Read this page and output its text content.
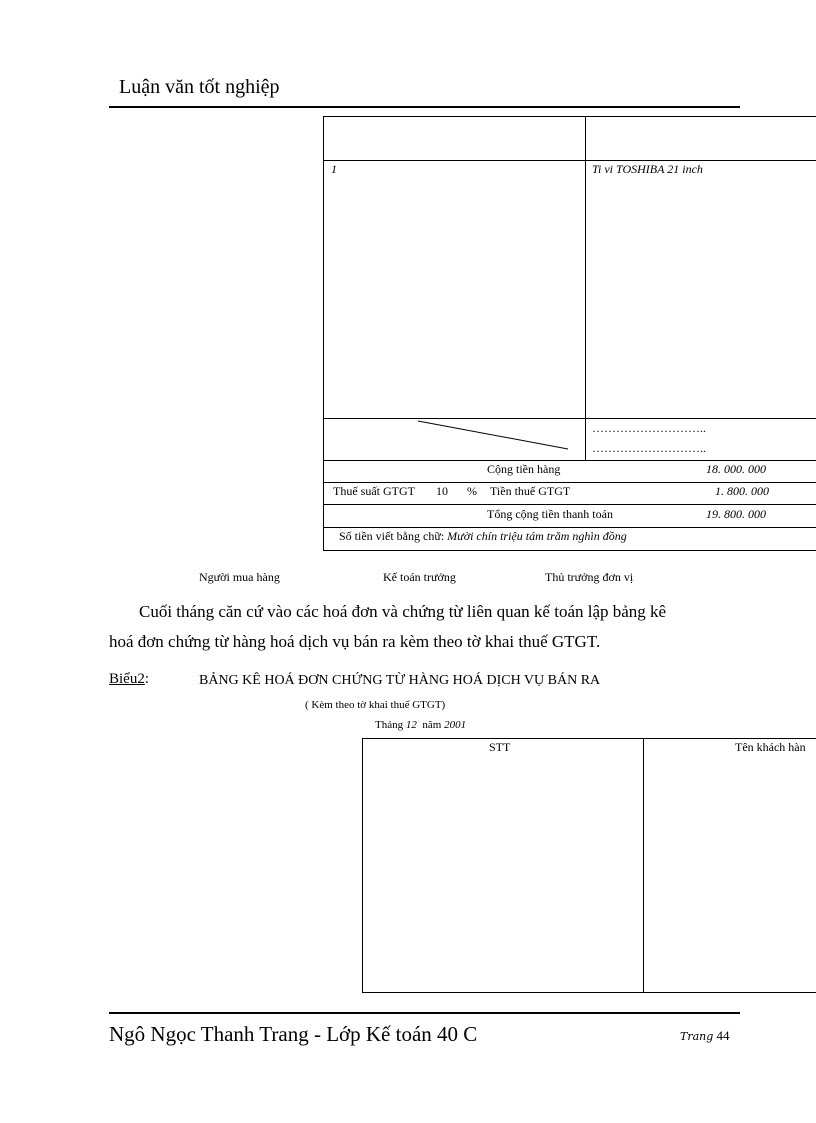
Luận văn tốt nghiệp
1	Ti vi TOSHIBA 21 inch
………………………..
………………………..
Cộng tiền hàng	18. 000. 000
Thuế suất GTGT 10 % Tiền thuế GTGT	1. 800. 000
Tổng cộng tiền thanh toán	19. 800. 000
Số tiền viết bằng chữ: Mười chín triệu tám trăm nghìn đồng
Người mua hàng	Kế toán trưởng	Thủ trưởng đơn vị
Cuối tháng căn cứ vào các hoá đơn và chứng từ liên quan kế toán lập bảng kê
hoá đơn chứng từ hàng hoá dịch vụ bán ra kèm theo tờ khai thuế GTGT.
Biểu2:	BẢNG KÊ HOÁ ĐƠN CHỨNG TỪ HÀNG HOÁ DỊCH VỤ BÁN RA
( Kèm theo tờ khai thuế GTGT)
Tháng 12 năm 2001
STT	Tên khách hàn
Ngô Ngọc Thanh Trang - Lớp Kế toán 40 C	Trang 44
